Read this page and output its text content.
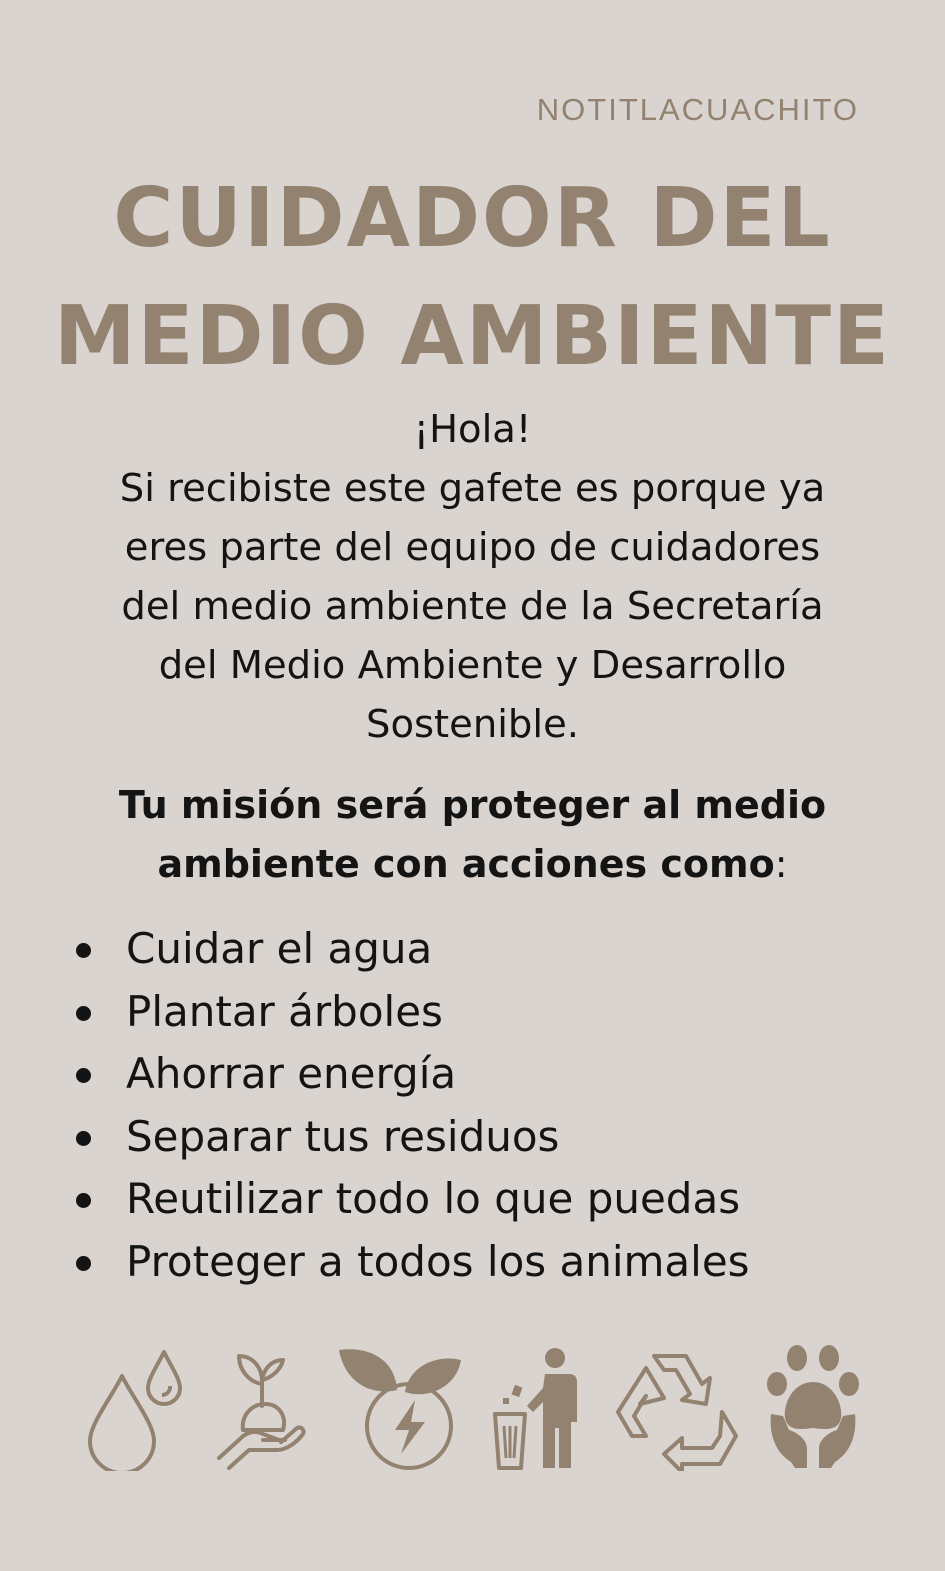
NOTITLACUACHITO
CUIDADOR DEL
MEDIO AMBIENTE
¡Hola!
Si recibiste este gafete es porque ya
eres parte del equipo de cuidadores
del medio ambiente de la Secretaría
del Medio Ambiente y Desarrollo
Sostenible.
Tu misión será proteger al medio
ambiente con acciones como:
Cuidar el agua
Plantar árboles
Ahorrar energía
Separar tus residuos
Reutilizar todo lo que puedas
Proteger a todos los animales
